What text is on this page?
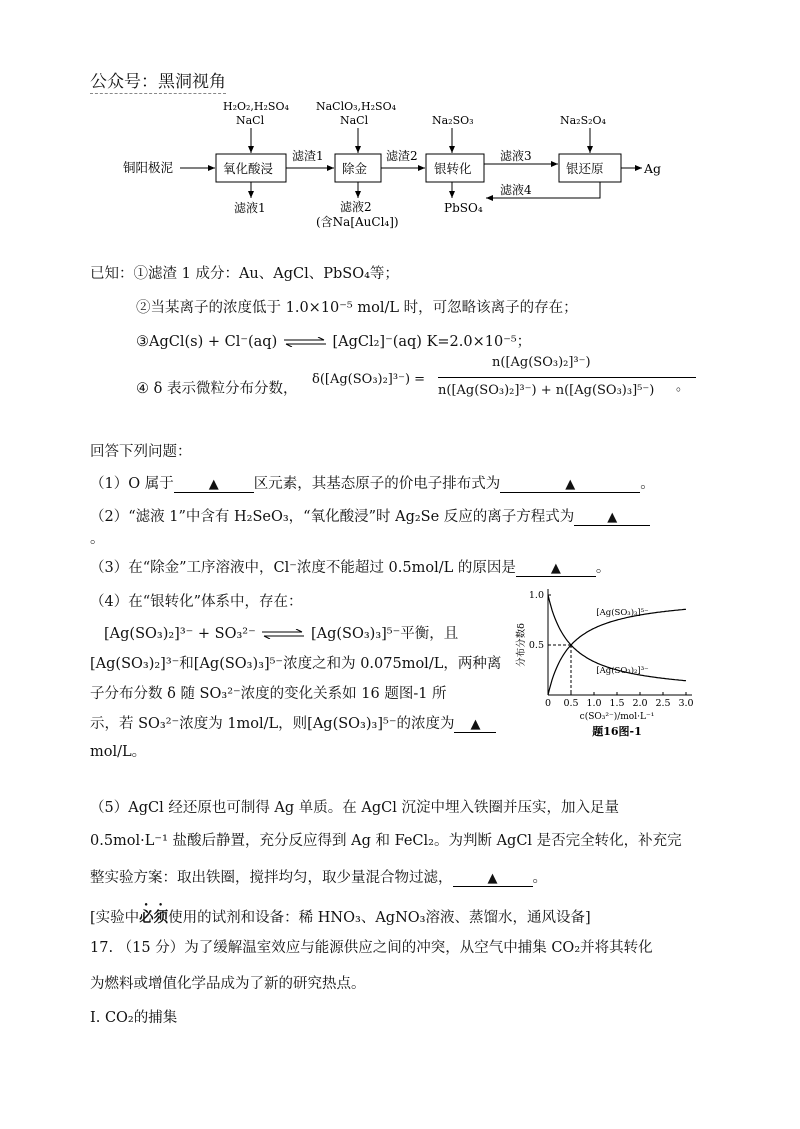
公众号：黑洞视角
铜阳极泥	氧化酸浸
H₂O₂,H₂SO₄
NaCl
滤液1
滤渣1
除金
NaClO₃,H₂SO₄
NaCl
滤液2
(含Na[AuCl₄])
滤渣2
银转化
Na₂SO₃
PbSO₄
滤液3
银还原
Na₂S₂O₄
滤液4
Ag
已知：①滤渣 1 成分：Au、AgCl、PbSO₄等；
②当某离子的浓度低于 1.0×10⁻⁵ mol/L 时，可忽略该离子的存在；
③AgCl(s) + Cl⁻(aq) ⇌ [AgCl₂]⁻(aq) K=2.0×10⁻⁵；
④ δ 表示微粒分布分数，
δ([Ag(SO₃)₂]³⁻) =
n([Ag(SO₃)₂]³⁻)
n([Ag(SO₃)₂]³⁻) + n([Ag(SO₃)₃]⁵⁻) 。
回答下列问题：
（1）O 属于	▲ 区元素，其基态原子的价电子排布式为	▲	。
（2）“滤液 1”中含有 H₂SeO₃，“氧化酸浸”时 Ag₂Se 反应的离子方程式为	▲
。
（3）在“除金”工序溶液中，Cl⁻浓度不能超过 0.5mol/L 的原因是	▲ 。
（4）在“银转化”体系中，存在：
[Ag(SO₃)₂]³⁻ + SO₃²⁻ ⇌ [Ag(SO₃)₃]⁵⁻平衡，且
[Ag(SO₃)₂]³⁻和[Ag(SO₃)₃]⁵⁻浓度之和为 0.075mol/L，两种离
子分布分数 δ 随 SO₃²⁻浓度的变化关系如 16 题图-1 所
示，若 SO₃²⁻浓度为 1mol/L，则[Ag(SO₃)₃]⁵⁻的浓度为 ▲
mol/L。
0 0.5 1.0 1.5 2.0 2.5 3.0
0.5
1.0
c(SO₃²⁻)/mol·L⁻¹
分布分数δ
[Ag(SO₃)₃]⁵⁻
[Ag(SO₃)₂]³⁻
题16图-1
（5）AgCl 经还原也可制得 Ag 单质。在 AgCl 沉淀中埋入铁圈并压实，加入足量
0.5mol·L⁻¹ 盐酸后静置，充分反应得到 Ag 和 FeCl₂。为判断 AgCl 是否完全转化，补充完
整实验方案：取出铁圈，搅拌均匀，取少量混合物过滤，	▲ 。
[实验中必须使用的试剂和设备：稀 HNO₃、AgNO₃溶液、蒸馏水，通风设备]
17. （15 分）为了缓解温室效应与能源供应之间的冲突，从空气中捕集 CO₂并将其转化
为燃料或增值化学品成为了新的研究热点。
Ⅰ. CO₂的捕集
